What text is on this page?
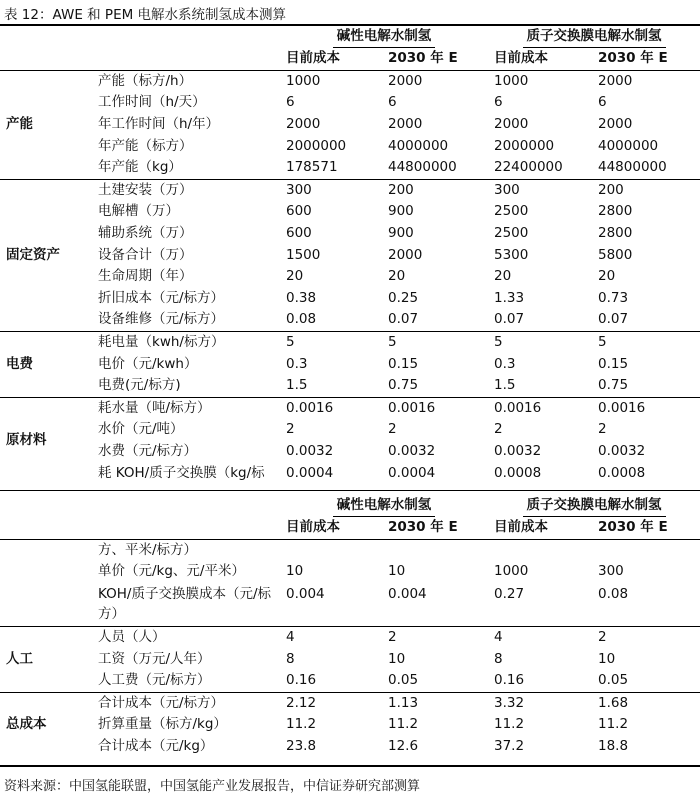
表 12：AWE 和 PEM 电解水系统制氢成本测算
		碱性电解水制氢		质子交换膜电解水制氢	
		目前成本	2030 年 E	目前成本	2030 年 E
产能	产能（标方/h）	1000	2000	1000	2000
	工作时间（h/天）	6	6	6	6
	年工作时间（h/年）	2000	2000	2000	2000
	年产能（标方）	2000000	4000000	2000000	4000000
	年产能（kg）	178571	44800000	22400000	44800000
固定资产	土建安装（万）	300	200	300	200
	电解槽（万）	600	900	2500	2800
	辅助系统（万）	600	900	2500	2800
	设备合计（万）	1500	2000	5300	5800
	生命周期（年）	20	20	20	20
	折旧成本（元/标方）	0.38	0.25	1.33	0.73
	设备维修（元/标方）	0.08	0.07	0.07	0.07
电费	耗电量（kwh/标方）	5	5	5	5
	电价（元/kwh）	0.3	0.15	0.3	0.15
	电费(元/标方)	1.5	0.75	1.5	0.75
原材料	耗水量（吨/标方）	0.0016	0.0016	0.0016	0.0016
	水价（元/吨）	2	2	2	2
	水费（元/标方）	0.0032	0.0032	0.0032	0.0032
	耗 KOH/质子交换膜（kg/标	0.0004	0.0004	0.0008	0.0008
		碱性电解水制氢		质子交换膜电解水制氢	
		目前成本	2030 年 E	目前成本	2030 年 E
	方、平米/标方）				
	单价（元/kg、元/平米）	10	10	1000	300
	KOH/质子交换膜成本（元/标方）	0.004	0.004	0.27	0.08
人工	人员（人）	4	2	4	2
	工资（万元/人年）	8	10	8	10
	人工费（元/标方）	0.16	0.05	0.16	0.05
总成本	合计成本（元/标方）	2.12	1.13	3.32	1.68
	折算重量（标方/kg）	11.2	11.2	11.2	11.2
	合计成本（元/kg）	23.8	12.6	37.2	18.8
资料来源：中国氢能联盟，中国氢能产业发展报告，中信证券研究部测算
